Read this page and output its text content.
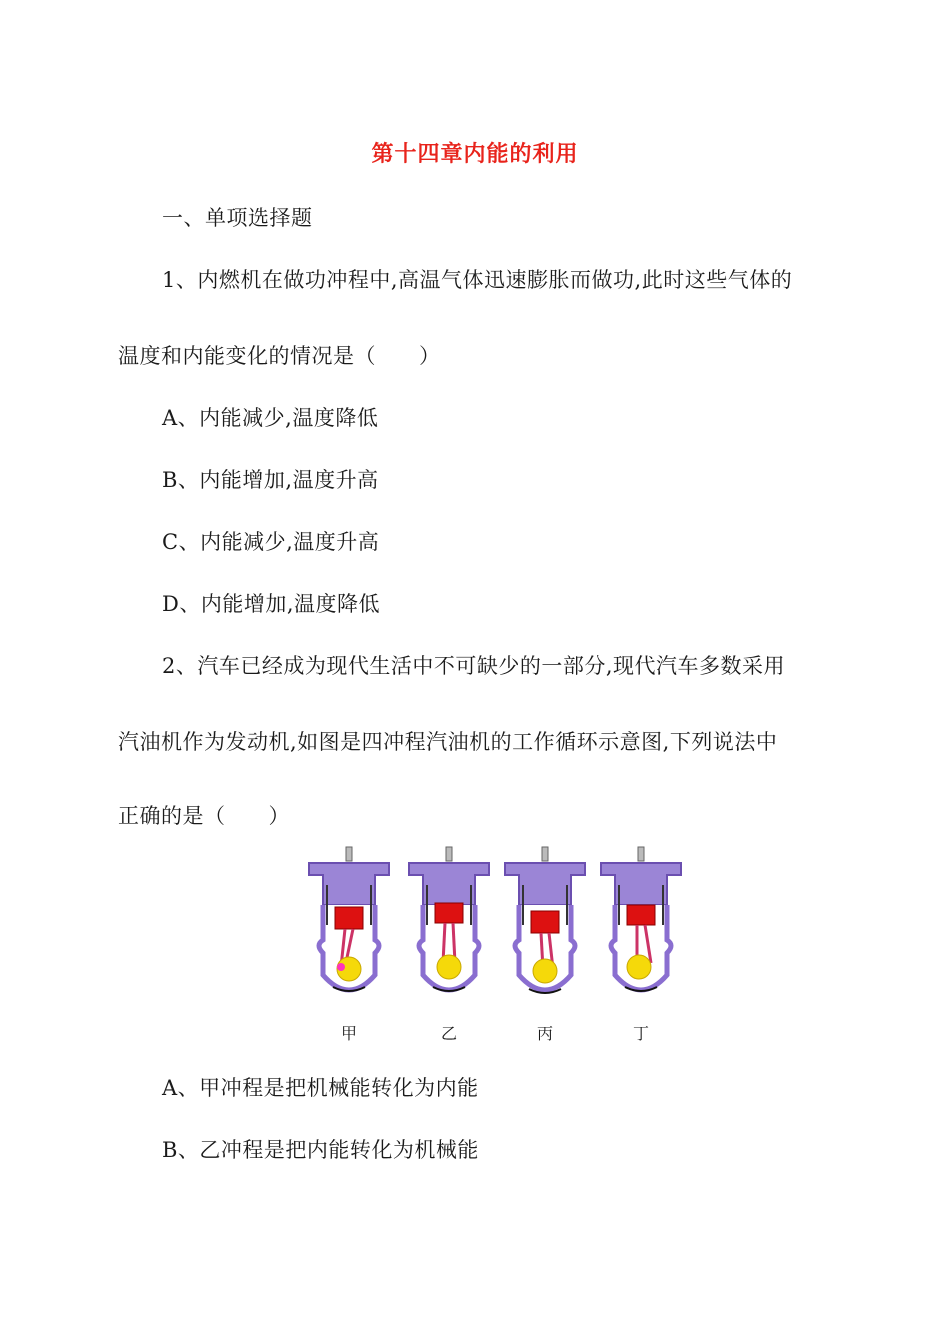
第十四章内能的利用
一、单项选择题
1、内燃机在做功冲程中,高温气体迅速膨胀而做功,此时这些气体的
温度和内能变化的情况是（　　）
A、内能减少,温度降低
B、内能增加,温度升高
C、内能减少,温度升高
D、内能增加,温度降低
2、汽车已经成为现代生活中不可缺少的一部分,现代汽车多数采用
汽油机作为发动机,如图是四冲程汽油机的工作循环示意图,下列说法中
正确的是（　　）
甲	乙	丙	丁
A、甲冲程是把机械能转化为内能
B、乙冲程是把内能转化为机械能
